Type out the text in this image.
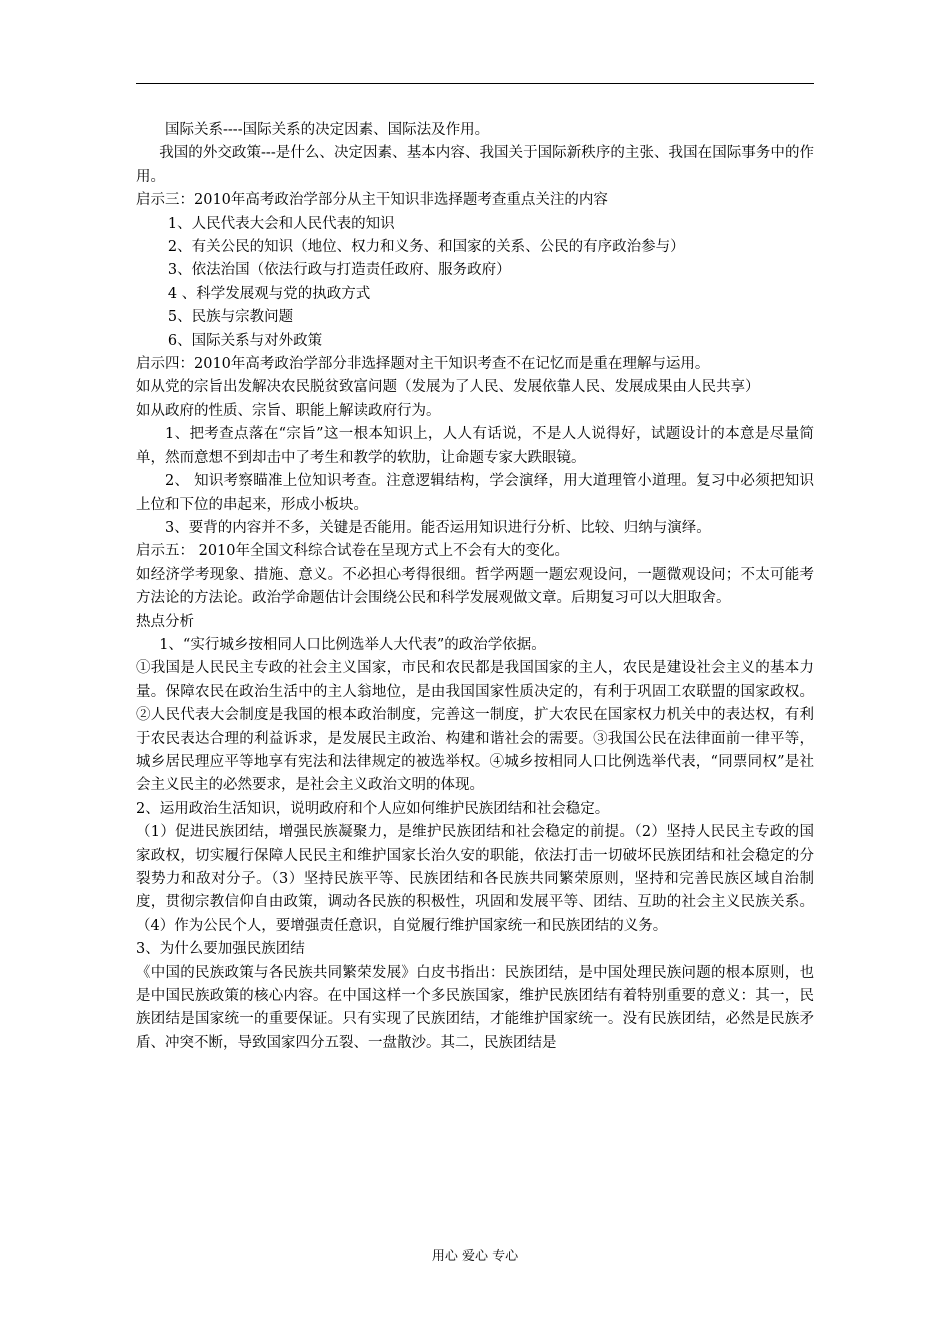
国际关系----国际关系的决定因素、国际法及作用。

我国的外交政策---是什么、决定因素、基本内容、我国关于国际新秩序的主张、我国在国际事务中的作用。

启示三：2010年高考政治学部分从主干知识非选择题考查重点关注的内容

1、人民代表大会和人民代表的知识

2、有关公民的知识（地位、权力和义务、和国家的关系、公民的有序政治参与）

3、依法治国（依法行政与打造责任政府、服务政府）

4 、科学发展观与党的执政方式

5、民族与宗教问题

6、国际关系与对外政策

启示四：2010年高考政治学部分非选择题对主干知识考查不在记忆而是重在理解与运用。

如从党的宗旨出发解决农民脱贫致富问题（发展为了人民、发展依靠人民、发展成果由人民共享）

如从政府的性质、宗旨、职能上解读政府行为。

1、把考查点落在“宗旨”这一根本知识上，人人有话说，不是人人说得好，试题设计的本意是尽量简单，然而意想不到却击中了考生和教学的软肋，让命题专家大跌眼镜。

2、 知识考察瞄准上位知识考查。注意逻辑结构，学会演绎，用大道理管小道理。复习中必须把知识上位和下位的串起来，形成小板块。

3、要背的内容并不多，关键是否能用。能否运用知识进行分析、比较、归纳与演绎。

启示五： 2010年全国文科综合试卷在呈现方式上不会有大的变化。

如经济学考现象、措施、意义。不必担心考得很细。哲学两题一题宏观设问，一题微观设问；不太可能考方法论的方法论。政治学命题估计会围绕公民和科学发展观做文章。后期复习可以大胆取舍。

热点分析

1、“实行城乡按相同人口比例选举人大代表”的政治学依据。

①我国是人民民主专政的社会主义国家，市民和农民都是我国国家的主人，农民是建设社会主义的基本力量。保障农民在政治生活中的主人翁地位，是由我国国家性质决定的，有利于巩固工农联盟的国家政权。②人民代表大会制度是我国的根本政治制度，完善这一制度，扩大农民在国家权力机关中的表达权，有利于农民表达合理的利益诉求，是发展民主政治、构建和谐社会的需要。③我国公民在法律面前一律平等，城乡居民理应平等地享有宪法和法律规定的被选举权。④城乡按相同人口比例选举代表，“同票同权”是社会主义民主的必然要求，是社会主义政治文明的体现。

2、运用政治生活知识，说明政府和个人应如何维护民族团结和社会稳定。

（1）促进民族团结，增强民族凝聚力，是维护民族团结和社会稳定的前提。（2）坚持人民民主专政的国家政权，切实履行保障人民民主和维护国家长治久安的职能，依法打击一切破坏民族团结和社会稳定的分裂势力和敌对分子。（3）坚持民族平等、民族团结和各民族共同繁荣原则，坚持和完善民族区域自治制度，贯彻宗教信仰自由政策，调动各民族的积极性，巩固和发展平等、团结、互助的社会主义民族关系。（4）作为公民个人，要增强责任意识，自觉履行维护国家统一和民族团结的义务。

3、为什么要加强民族团结

《中国的民族政策与各民族共同繁荣发展》白皮书指出：民族团结，是中国处理民族问题的根本原则，也是中国民族政策的核心内容。在中国这样一个多民族国家，维护民族团结有着特别重要的意义：其一，民族团结是国家统一的重要保证。只有实现了民族团结，才能维护国家统一。没有民族团结，必然是民族矛盾、冲突不断，导致国家四分五裂、一盘散沙。其二，民族团结是

用心 爱心 专心
